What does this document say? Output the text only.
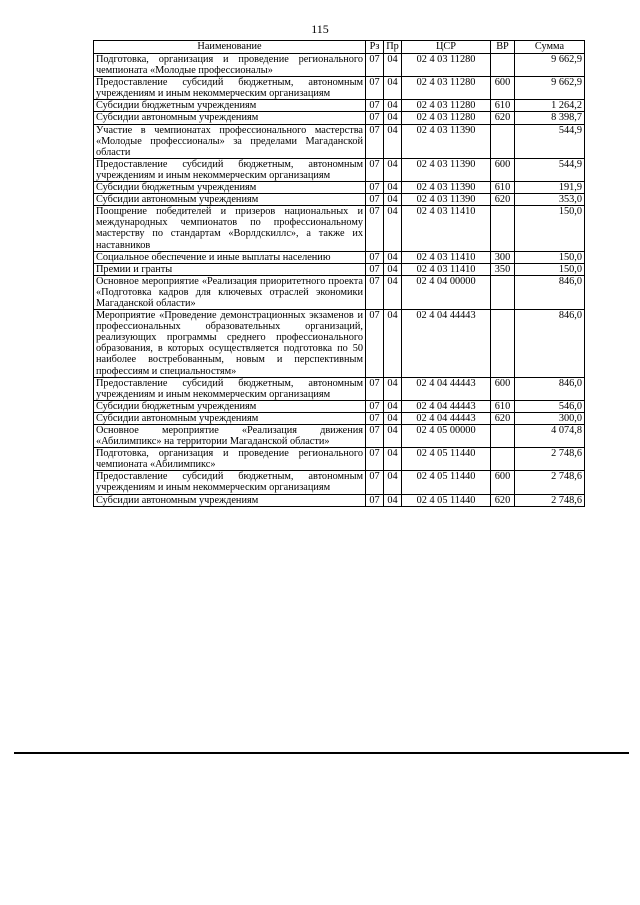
115
Наименование	Рз	Пр	ЦСР	ВР	Сумма
Подготовка, организация и проведение регионального чемпионата «Молодые профессионалы»	07	04	02 4 03 11280		9 662,9
Предоставление субсидий бюджетным, автономным учреждениям и иным некоммерческим организациям	07	04	02 4 03 11280	600	9 662,9
Субсидии бюджетным учреждениям	07	04	02 4 03 11280	610	1 264,2
Субсидии автономным учреждениям	07	04	02 4 03 11280	620	8 398,7
Участие в чемпионатах профессионального мастерства «Молодые профессионалы» за пределами Магаданской области	07	04	02 4 03 11390		544,9
Предоставление субсидий бюджетным, автономным учреждениям и иным некоммерческим организациям	07	04	02 4 03 11390	600	544,9
Субсидии бюджетным учреждениям	07	04	02 4 03 11390	610	191,9
Субсидии автономным учреждениям	07	04	02 4 03 11390	620	353,0
Поощрение победителей и призеров национальных и международных чемпионатов по профессиональному мастерству по стандартам «Ворлдскиллс», а также их наставников	07	04	02 4 03 11410		150,0
Социальное обеспечение и иные выплаты населению	07	04	02 4 03 11410	300	150,0
Премии и гранты	07	04	02 4 03 11410	350	150,0
Основное мероприятие «Реализация приоритетного проекта «Подготовка кадров для ключевых отраслей экономики Магаданской области»	07	04	02 4 04 00000		846,0
Мероприятие «Проведение демонстрационных экзаменов и профессиональных образовательных организаций, реализующих программы среднего профессионального образования, в которых осуществляется подготовка по 50 наиболее востребованным, новым и перспективным профессиям и специальностям»	07	04	02 4 04 44443		846,0
Предоставление субсидий бюджетным, автономным учреждениям и иным некоммерческим организациям	07	04	02 4 04 44443	600	846,0
Субсидии бюджетным учреждениям	07	04	02 4 04 44443	610	546,0
Субсидии автономным учреждениям	07	04	02 4 04 44443	620	300,0
Основное мероприятие «Реализация движения «Абилимпикс» на территории Магаданской области»	07	04	02 4 05 00000		4 074,8
Подготовка, организация и проведение регионального чемпионата «Абилимпикс»	07	04	02 4 05 11440		2 748,6
Предоставление субсидий бюджетным, автономным учреждениям и иным некоммерческим организациям	07	04	02 4 05 11440	600	2 748,6
Субсидии автономным учреждениям	07	04	02 4 05 11440	620	2 748,6
